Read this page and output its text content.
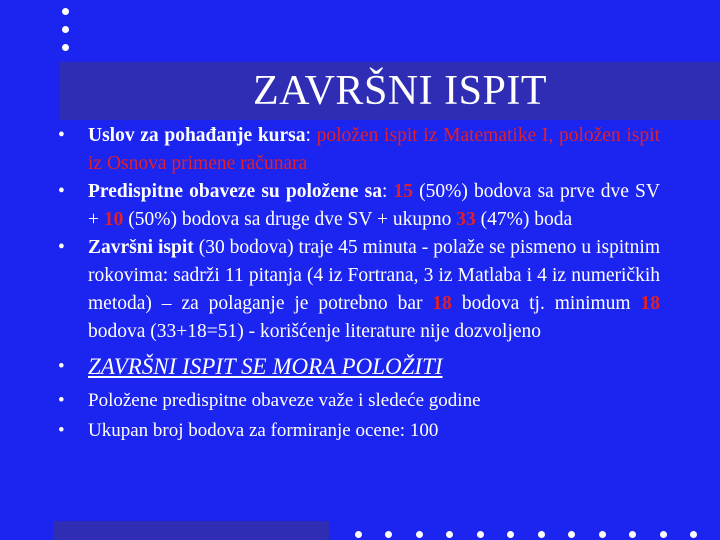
ZAVRŠNI ISPIT
• Uslov za pohađanje kursa: položen ispit iz Matematike I, položen ispit iz Osnova primene računara
• Predispitne obaveze su položene sa: 15 (50%) bodova sa prve dve SV + 10 (50%) bodova sa druge dve SV + ukupno 33 (47%) boda
• Završni ispit (30 bodova) traje 45 minuta - polaže se pismeno u ispitnim rokovima: sadrži 11 pitanja (4 iz Fortrana, 3 iz Matlaba i 4 iz numeričkih metoda) – za polaganje je potrebno bar 18 bodova tj. minimum 18 bodova (33+18=51) - korišćenje literature nije dozvoljeno
• ZAVRŠNI ISPIT SE MORA POLOŽITI
• Položene predispitne obaveze važe i sledeće godine
• Ukupan broj bodova za formiranje ocene: 100
